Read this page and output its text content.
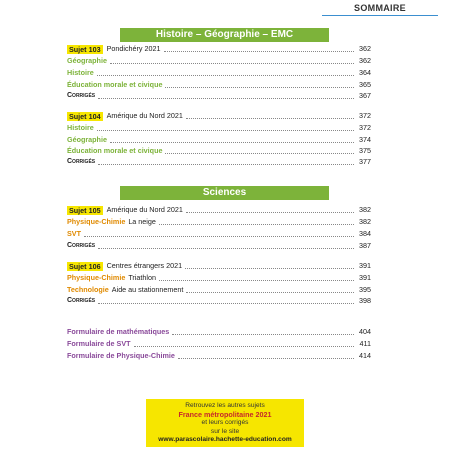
SOMMAIRE
Histoire – Géographie – EMC
Sujet 103 Pondichéry 2021	362
Géographie	362
Histoire	364
Éducation morale et civique	365
Corrigés	367
Sujet 104 Amérique du Nord 2021	372
Histoire	372
Géographie	374
Éducation morale et civique	375
Corrigés	377
Sciences
Sujet 105 Amérique du Nord 2021	382
Physique-Chimie La neige	382
SVT	384
Corrigés	387
Sujet 106 Centres étrangers 2021	391
Physique-Chimie Triathlon	391
Technologie Aide au stationnement	395
Corrigés	398
Formulaire de mathématiques	404
Formulaire de SVT	411
Formulaire de Physique-Chimie	414
Retrouvez les autres sujets
France métropolitaine 2021
et leurs corrigés
sur le site
www.parascolaire.hachette-education.com
